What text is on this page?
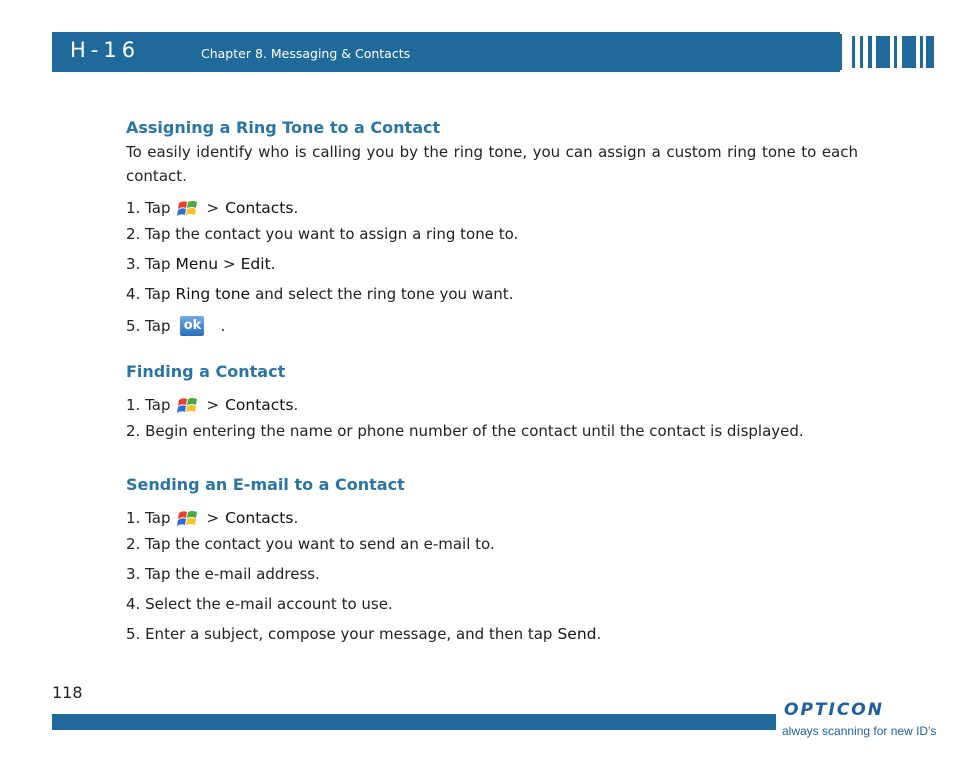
H-16	Chapter 8. Messaging & Contacts
Assigning a Ring Tone to a Contact

To easily identify who is calling you by the ring tone, you can assign a custom ring tone to each contact.

1. Tap > Contacts .

2. Tap the contact you want to assign a ring tone to.

3. Tap Menu > Edit .
4. Tap Ring tone and select the ring tone you want.
5. Tap ok .
Finding a Contact
1. Tap > Contacts .

2. Begin entering the name or phone number of the contact until the contact is displayed.

Sending an E-mail to a Contact
1. Tap > Contacts .

2. Tap the contact you want to send an e-mail to.

3. Tap the e-mail address.

4. Select the e-mail account to use.

5. Enter a subject, compose your message, and then tap Send .
118
OPTICON
always scanning for new ID's
